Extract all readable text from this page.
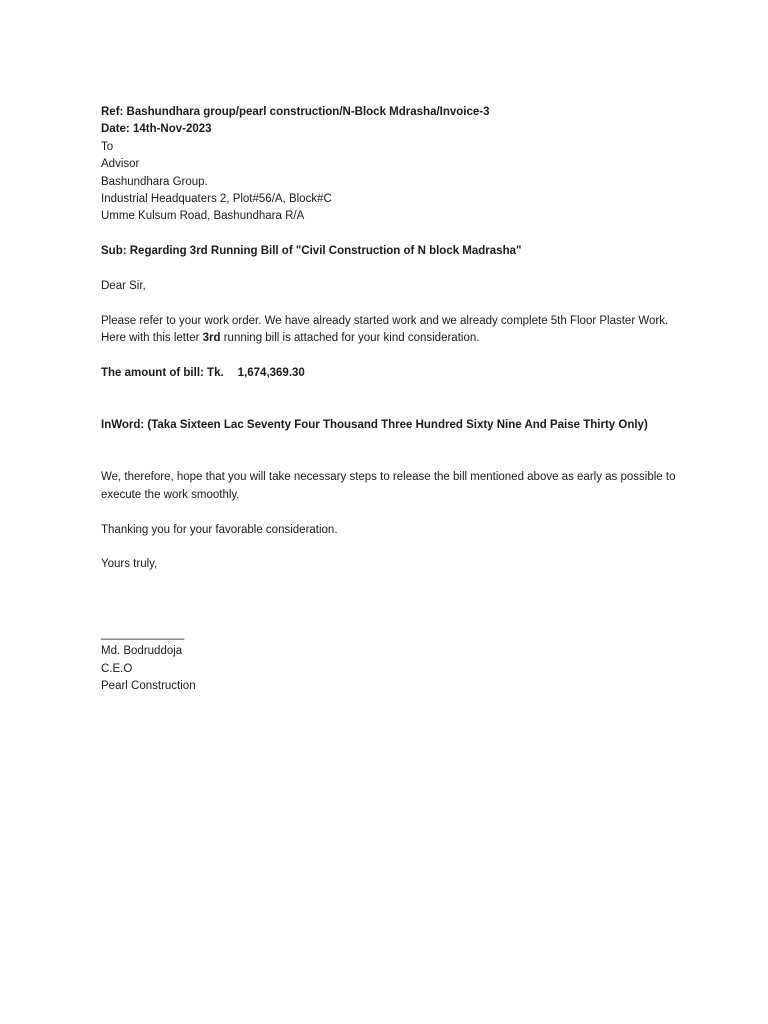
Ref: Bashundhara group/pearl construction/N-Block Mdrasha/Invoice-3
Date: 14th-Nov-2023
To
Advisor
Bashundhara Group.
Industrial Headquaters 2, Plot#56/A, Block#C
Umme Kulsum Road, Bashundhara R/A
Sub: Regarding 3rd Running Bill of "Civil Construction of N block Madrasha"
Dear Sir,
Please refer to your work order. We have already started work and we already complete 5th Floor Plaster Work.
Here with this letter 3rd running bill is attached for your kind consideration.
The amount of bill: Tk. 1,674,369.30
InWord: (Taka Sixteen Lac Seventy Four Thousand Three Hundred Sixty Nine And Paise Thirty Only)
We, therefore, hope that you will take necessary steps to release the bill mentioned above as early as possible to execute the work smoothly.
Thanking you for your favorable consideration.
Yours truly,
_____________
Md. Bodruddoja
C.E.O
Pearl Construction
